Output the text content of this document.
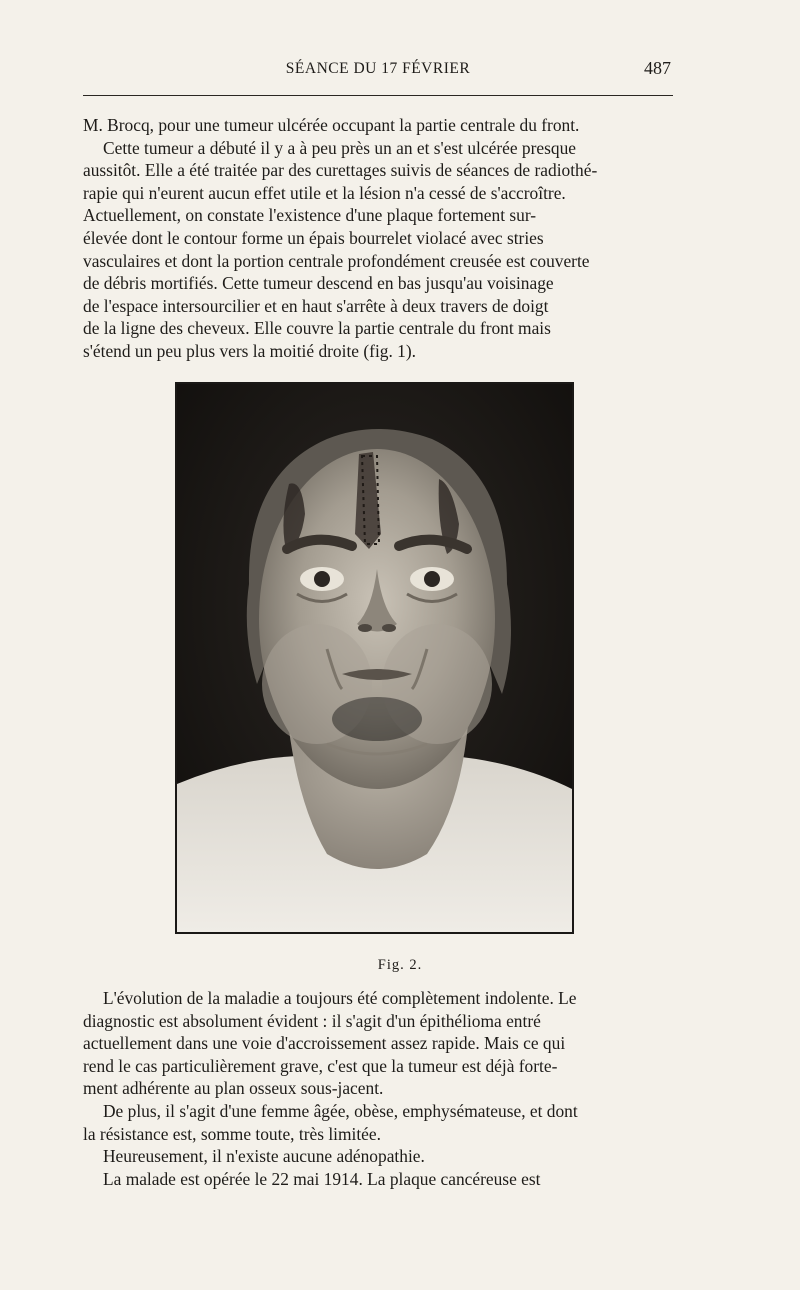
SÉANCE DU 17 FÉVRIER	487

M. Brocq, pour une tumeur ulcérée occupant la partie centrale du front.

Cette tumeur a débuté il y a à peu près un an et s'est ulcérée presque

aussitôt. Elle a été traitée par des curettages suivis de séances de radiothé-

rapie qui n'eurent aucun effet utile et la lésion n'a cessé de s'accroître.

Actuellement, on constate l'existence d'une plaque fortement sur-

élevée dont le contour forme un épais bourrelet violacé avec stries

vasculaires et dont la portion centrale profondément creusée est couverte

de débris mortifiés. Cette tumeur descend en bas jusqu'au voisinage

de l'espace intersourcilier et en haut s'arrête à deux travers de doigt

de la ligne des cheveux. Elle couvre la partie centrale du front mais

s'étend un peu plus vers la moitié droite (fig. 1).

Fig. 2.

L'évolution de la maladie a toujours été complètement indolente. Le

diagnostic est absolument évident : il s'agit d'un épithélioma entré

actuellement dans une voie d'accroissement assez rapide. Mais ce qui

rend le cas particulièrement grave, c'est que la tumeur est déjà forte-

ment adhérente au plan osseux sous-jacent.

De plus, il s'agit d'une femme âgée, obèse, emphysémateuse, et dont

la résistance est, somme toute, très limitée.

Heureusement, il n'existe aucune adénopathie.

La malade est opérée le 22 mai 1914. La plaque cancéreuse est
